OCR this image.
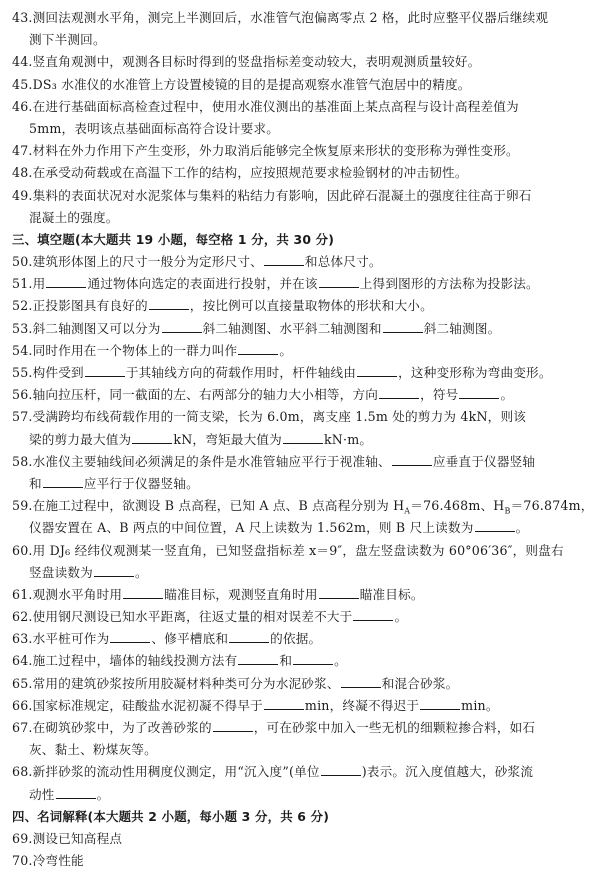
43.测回法观测水平角，测完上半测回后，水准管气泡偏离零点 2 格，此时应整平仪器后继续观
测下半测回。
44.竖直角观测中，观测各目标时得到的竖盘指标差变动较大，表明观测质量较好。
45.DS₃ 水准仪的水准管上方设置棱镜的目的是提高观察水准管气泡居中的精度。
46.在进行基础面标高检查过程中，使用水准仪测出的基准面上某点高程与设计高程差值为
5mm，表明该点基础面标高符合设计要求。
47.材料在外力作用下产生变形，外力取消后能够完全恢复原来形状的变形称为弹性变形。
48.在承受动荷载或在高温下工作的结构，应按照规范要求检验钢材的冲击韧性。
49.集料的表面状况对水泥浆体与集料的粘结力有影响，因此碎石混凝土的强度往往高于卵石
混凝土的强度。
三、填空题(本大题共 19 小题，每空格 1 分，共 30 分)
50.建筑形体图上的尺寸一般分为定形尺寸、	和总体尺寸。
51.用	通过物体向选定的表面进行投射，并在该	上得到图形的方法称为投影法。
52.正投影图具有良好的	，按比例可以直接量取物体的形状和大小。
53.斜二轴测图又可以分为	斜二轴测图、水平斜二轴测图和	斜二轴测图。
54.同时作用在一个物体上的一群力叫作	。
55.构件受到	于其轴线方向的荷载作用时，杆件轴线由	，这种变形称为弯曲变形。
56.轴向拉压杆，同一截面的左、右两部分的轴力大小相等，方向	，符号	。
57.受满跨均布线荷载作用的一简支梁，长为 6.0m，离支座 1.5m 处的剪力为 4kN，则该
梁的剪力最大值为	kN，弯矩最大值为	kN·m。
58.水准仪主要轴线间必须满足的条件是水准管轴应平行于视准轴、	应垂直于仪器竖轴
和	应平行于仪器竖轴。
59.在施工过程中，欲测设 B 点高程，已知 A 点、B 点高程分别为 $H_A=76.468m$、$H_B=76.874m$，
仪器安置在 A、B 两点的中间位置，A 尺上读数为 1.562m，则 B 尺上读数为	。
60.用 DJ₆ 经纬仪观测某一竖直角，已知竖盘指标差 x＝9″，盘左竖盘读数为 60°06′36″，则盘右
竖盘读数为	。
61.观测水平角时用	瞄准目标，观测竖直角时用	瞄准目标。
62.使用钢尺测设已知水平距离，往返丈量的相对误差不大于	。
63.水平桩可作为	、修平槽底和	的依据。
64.施工过程中，墙体的轴线投测方法有	和	。
65.常用的建筑砂浆按所用胶凝材料种类可分为水泥砂浆、	和混合砂浆。
66.国家标准规定，硅酸盐水泥初凝不得早于	min，终凝不得迟于	min。
67.在砌筑砂浆中，为了改善砂浆的	，可在砂浆中加入一些无机的细颗粒掺合料，如石
灰、黏土、粉煤灰等。
68.新拌砂浆的流动性用稠度仪测定，用“沉入度”(单位	)表示。沉入度值越大，砂浆流
动性	。
四、名词解释(本大题共 2 小题，每小题 3 分，共 6 分)
69.测设已知高程点
70.冷弯性能
